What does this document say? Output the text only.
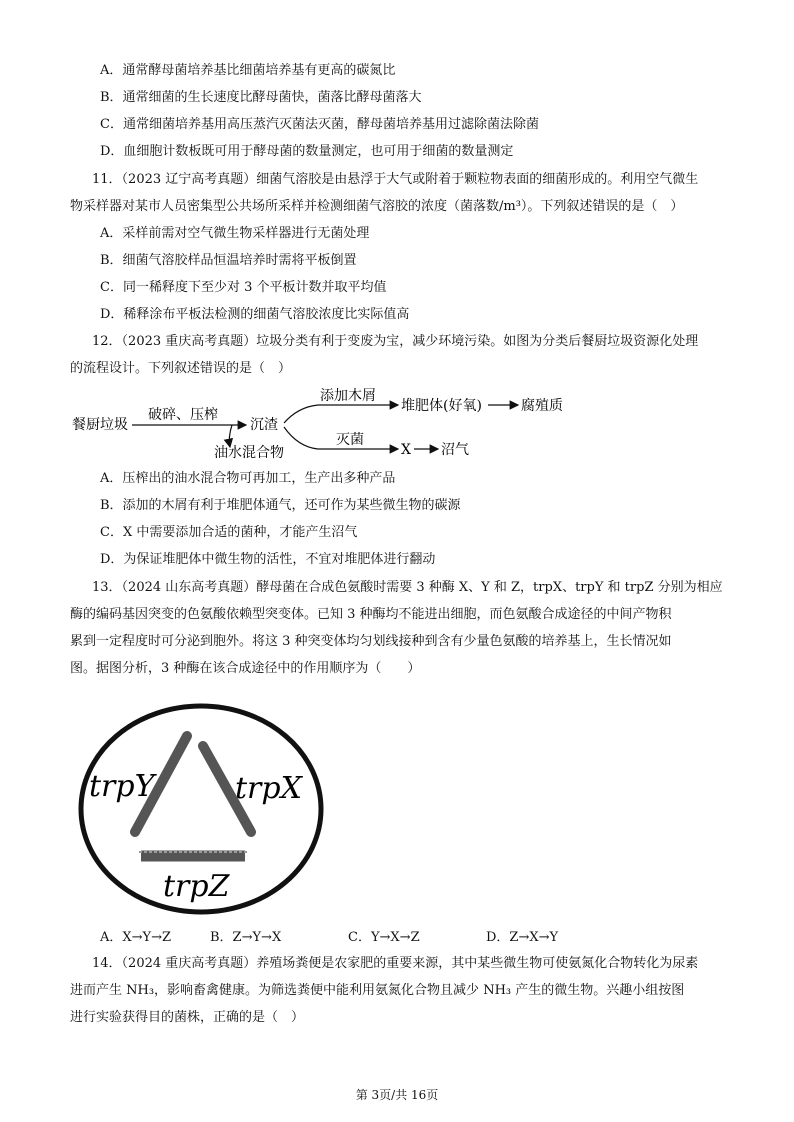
A．通常酵母菌培养基比细菌培养基有更高的碳氮比
B．通常细菌的生长速度比酵母菌快，菌落比酵母菌落大
C．通常细菌培养基用高压蒸汽灭菌法灭菌，酵母菌培养基用过滤除菌法除菌
D．血细胞计数板既可用于酵母菌的数量测定，也可用于细菌的数量测定
11．（2023 辽宁高考真题）细菌气溶胶是由悬浮于大气或附着于颗粒物表面的细菌形成的。利用空气微生
物采样器对某市人员密集型公共场所采样并检测细菌气溶胶的浓度（菌落数/m³）。下列叙述错误的是（　）
A．采样前需对空气微生物采样器进行无菌处理
B．细菌气溶胶样品恒温培养时需将平板倒置
C．同一稀释度下至少对 3 个平板计数并取平均值
D．稀释涂布平板法检测的细菌气溶胶浓度比实际值高
12．（2023 重庆高考真题）垃圾分类有利于变废为宝，减少环境污染。如图为分类后餐厨垃圾资源化处理
的流程设计。下列叙述错误的是（　）
餐厨垃圾
破碎、压榨
沉渣
油水混合物
添加木屑
堆肥体(好氧)	腐殖质
灭菌
X 沼气
A．压榨出的油水混合物可再加工，生产出多种产品
B．添加的木屑有利于堆肥体通气，还可作为某些微生物的碳源
C．X 中需要添加合适的菌种，才能产生沼气
D．为保证堆肥体中微生物的活性，不宜对堆肥体进行翻动
13．（2024 山东高考真题）酵母菌在合成色氨酸时需要 3 种酶 X、Y 和 Z，trpX、trpY 和 trpZ 分别为相应
酶的编码基因突变的色氨酸依赖型突变体。已知 3 种酶均不能进出细胞，而色氨酸合成途径的中间产物积
累到一定程度时可分泌到胞外。将这 3 种突变体均匀划线接种到含有少量色氨酸的培养基上，生长情况如
图。据图分析，3 种酶在该合成途径中的作用顺序为（　　）
trpY	trpX
trpZ
A．X→Y→Z	B．Z→Y→X	C．Y→X→Z	D．Z→X→Y
14．（2024 重庆高考真题）养殖场粪便是农家肥的重要来源，其中某些微生物可使氨氮化合物转化为尿素
进而产生 NH₃，影响畜禽健康。为筛选粪便中能利用氨氮化合物且减少 NH₃ 产生的微生物。兴趣小组按图
进行实验获得目的菌株，正确的是（　）
第 3页/共 16页
